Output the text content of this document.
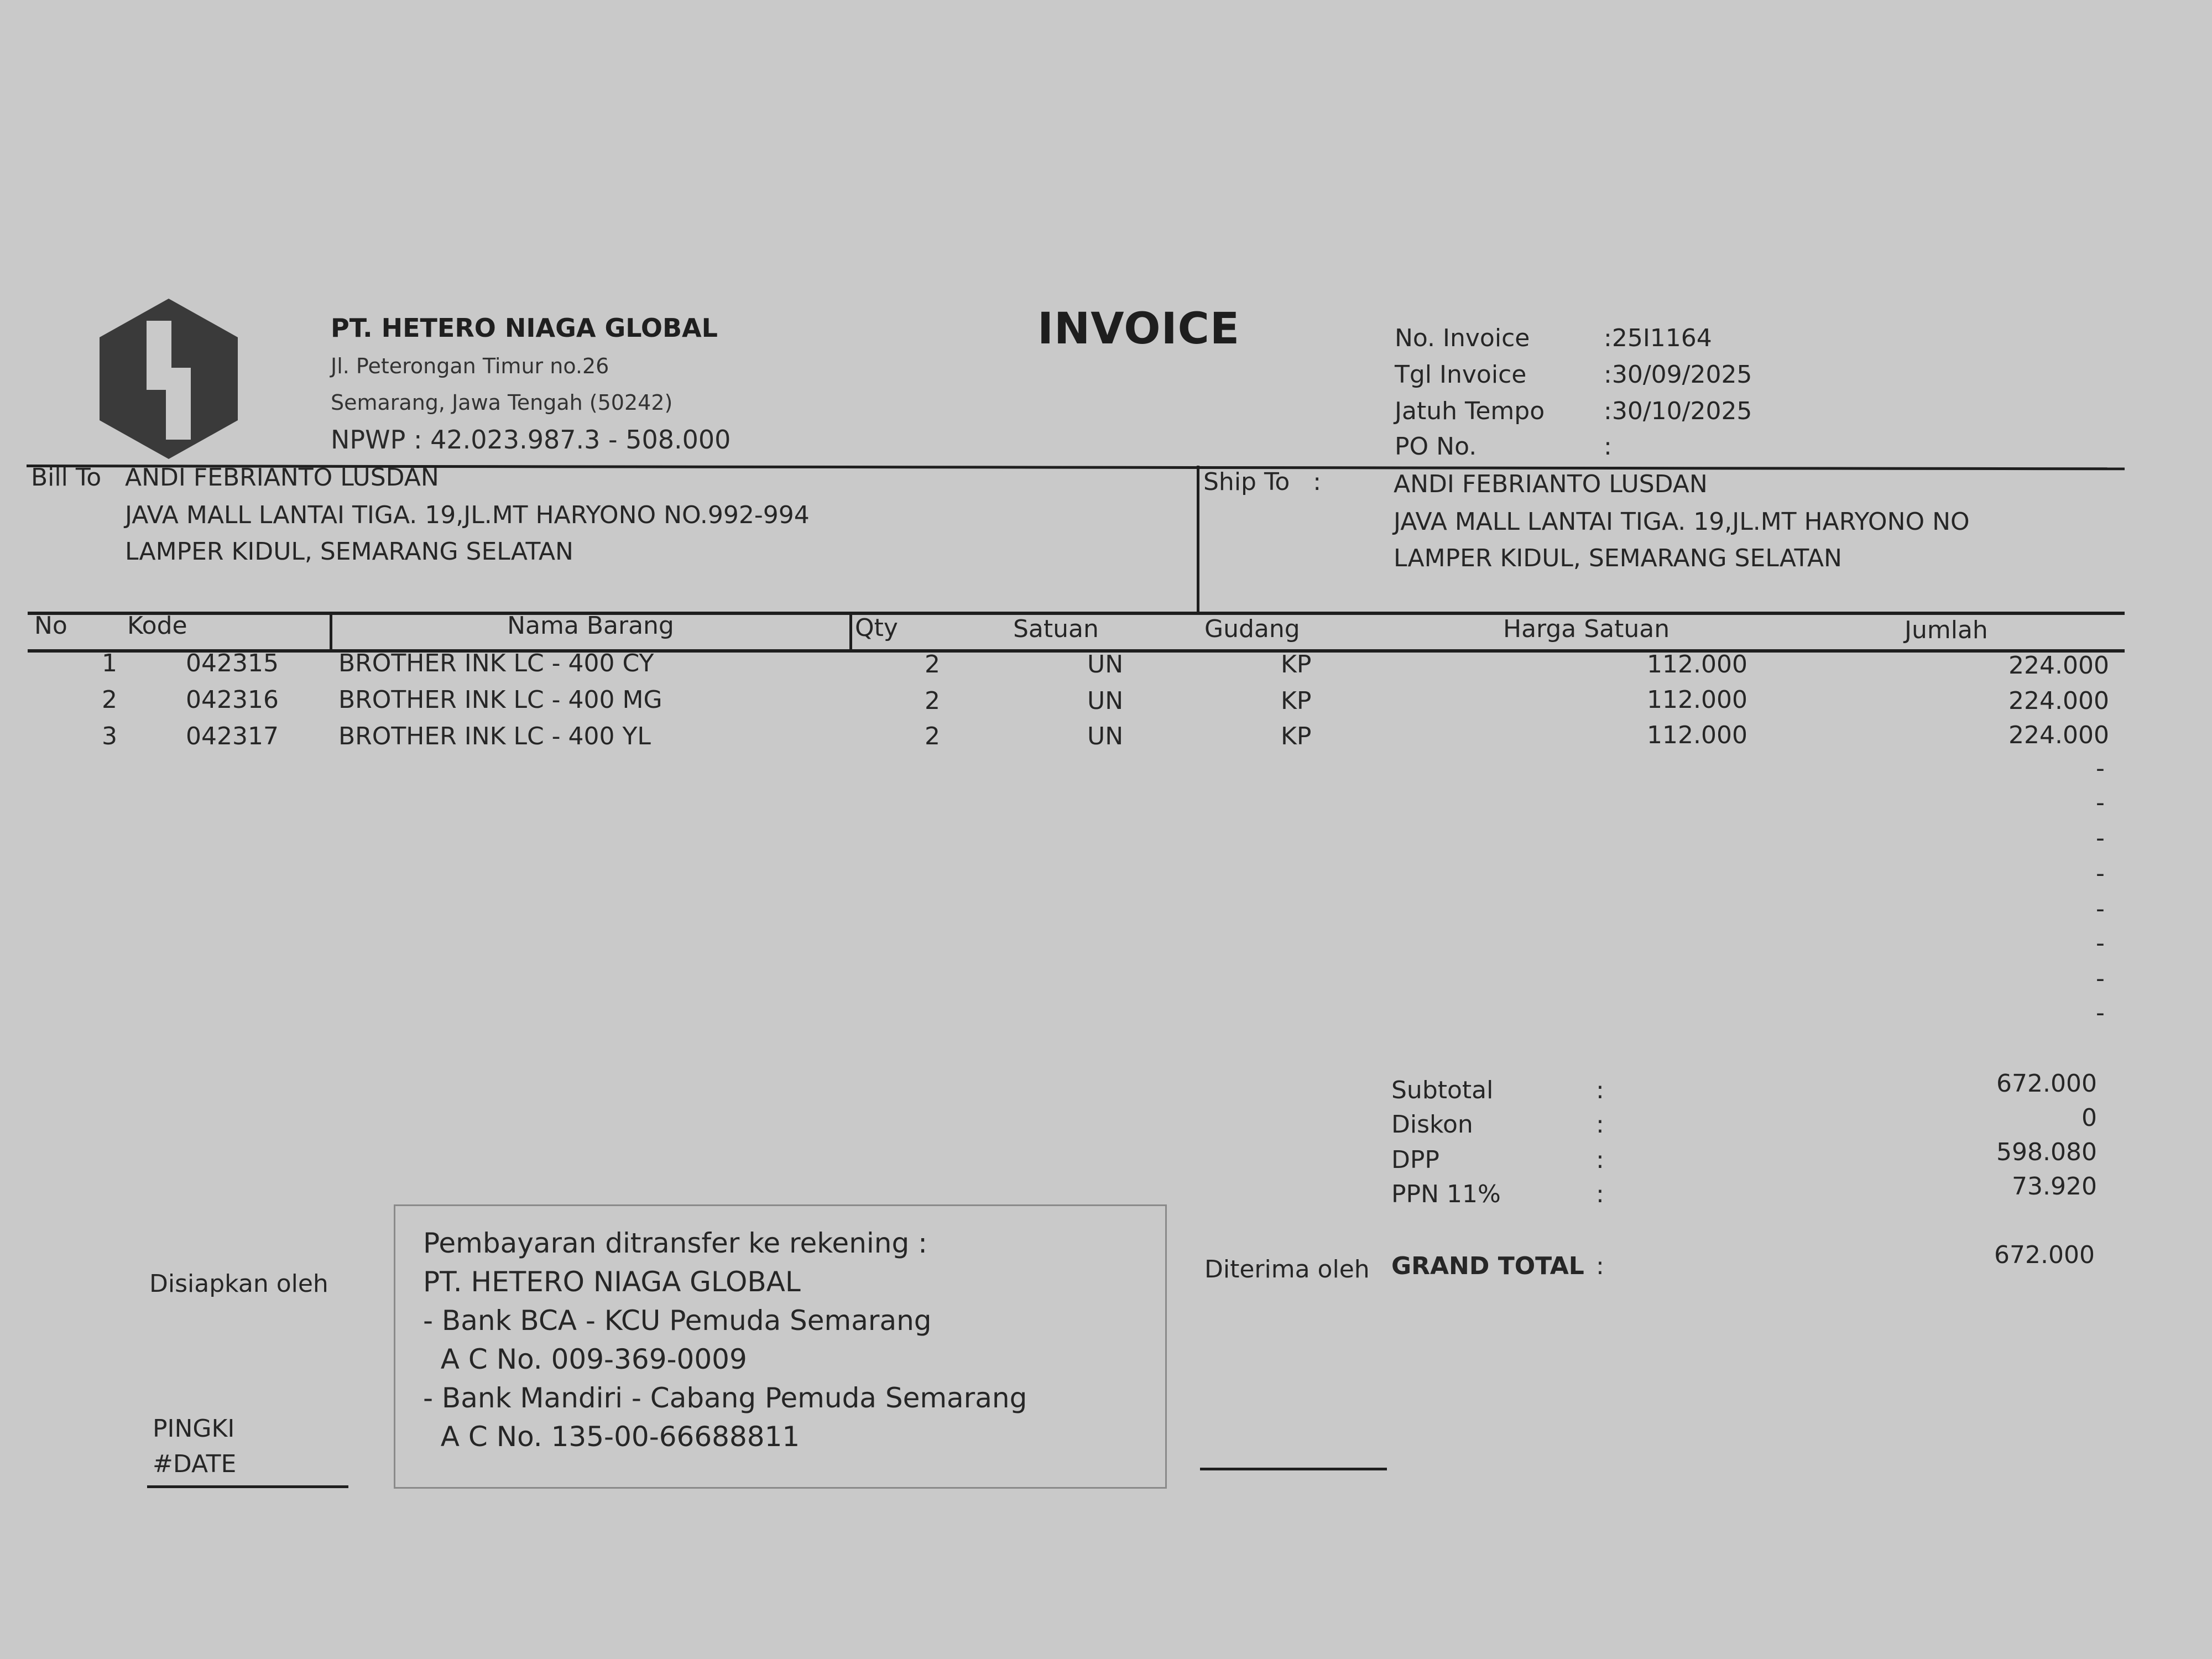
PT. HETERO NIAGA GLOBAL
Jl. Peterongan Timur no.26
Semarang, Jawa Tengah (50242)
NPWP : 42.023.987.3 - 508.000
INVOICE	No. Invoice	:25I1164
Tgl Invoice	:30/09/2025
Jatuh Tempo :30/10/2025
PO No.	:
Bill To ANDI FEBRIANTO LUSDAN
JAVA MALL LANTAI TIGA. 19,JL.MT HARYONO NO.992-994
LAMPER KIDUL, SEMARANG SELATAN
Ship To   :	ANDI FEBRIANTO LUSDAN
JAVA MALL LANTAI TIGA. 19,JL.MT HARYONO NO
LAMPER KIDUL, SEMARANG SELATAN
No Kode	Nama Barang	Qty	Satuan	Gudang	Harga Satuan	Jumlah
1	042315 BROTHER INK LC - 400 CY	2	UN	KP	112.000	224.000
2	042316 BROTHER INK LC - 400 MG	2	UN	KP	112.000	224.000
3	042317 BROTHER INK LC - 400 YL	2	UN	KP	112.000	224.000
-
-
-
-
-
-
-
-
Subtotal	:	672.000
Diskon	:	0
DPP	:	598.080
PPN 11%	:	73.920
Diterima oleh GRAND TOTAL :	672.000
Disiapkan oleh
PINGKI
#DATE
Pembayaran ditransfer ke rekening :
PT. HETERO NIAGA GLOBAL
- Bank BCA - KCU Pemuda Semarang
A C No. 009-369-0009
- Bank Mandiri - Cabang Pemuda Semarang
A C No. 135-00-66688811
